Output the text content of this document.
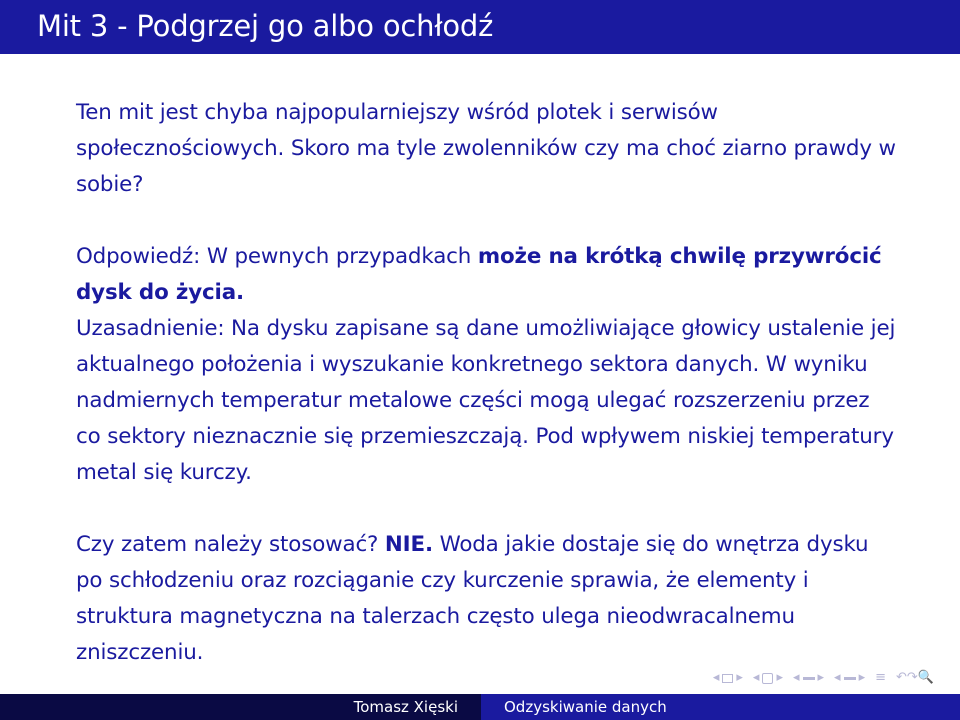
Mit 3 - Podgrzej go albo ochłodź

Ten mit jest chyba najpopularniejszy wśród plotek i serwisów społecznościowych. Skoro ma tyle zwolenników czy ma choć ziarno prawdy w sobie?

Odpowiedź: W pewnych przypadkach może na krótką chwilę przywrócić dysk do życia.

Uzasadnienie: Na dysku zapisane są dane umożliwiające głowicy ustalenie jej aktualnego położenia i wyszukanie konkretnego sektora danych. W wyniku nadmiernych temperatur metalowe części mogą ulegać rozszerzeniu przez co sektory nieznacznie się przemieszczają. Pod wpływem niskiej temperatury metal się kurczy.

Czy zatem należy stosować? NIE. Woda jakie dostaje się do wnętrza dysku po schłodzeniu oraz rozciąganie czy kurczenie sprawia, że elementy i struktura magnetyczna na talerzach często ulega nieodwracalnemu zniszczeniu.

◂ ▸ ◂ ▸ ◂ ▸ ◂ ▸ ≡ ↶↷🔍
Tomasz Xięski	Odzyskiwanie danych
